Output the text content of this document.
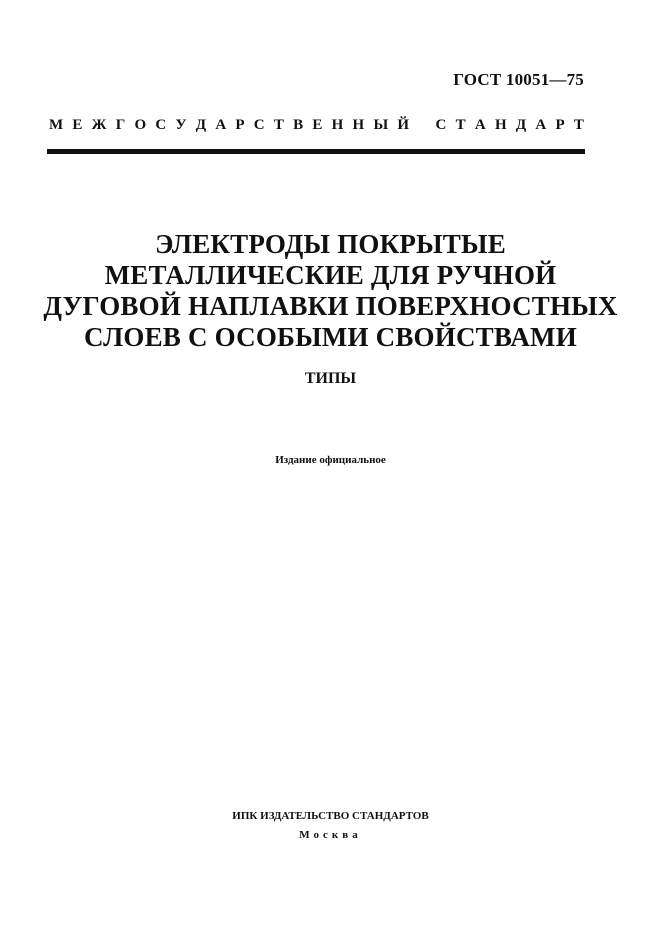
ГОСТ 10051—75
М Е Ж Г О С У Д А Р С Т В Е Н Н Ы Й
С Т А Н Д А Р Т
ЭЛЕКТРОДЫ ПОКРЫТЫЕ
МЕТАЛЛИЧЕСКИЕ ДЛЯ РУЧНОЙ
ДУГОВОЙ НАПЛАВКИ ПОВЕРХНОСТНЫХ
СЛОЕВ С ОСОБЫМИ СВОЙСТВАМИ
ТИПЫ
Издание официальное
ИПК ИЗДАТЕЛЬСТВО СТАНДАРТОВ
Москва
